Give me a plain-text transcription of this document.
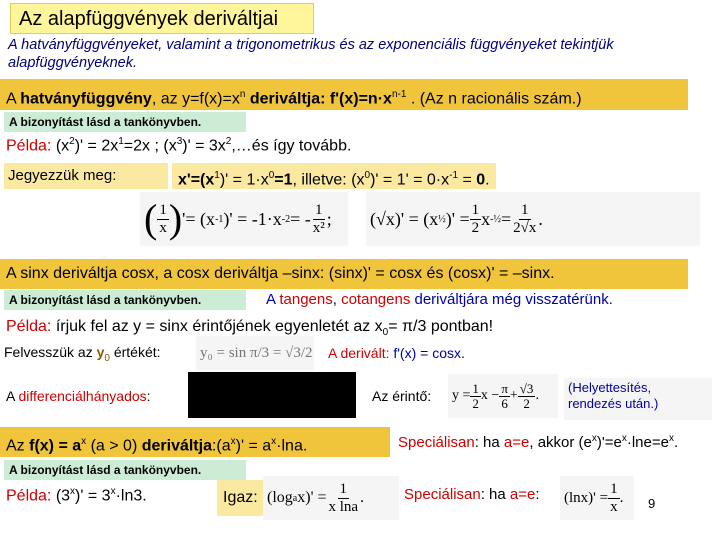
Az alapfüggvények deriváltjai
A hatványfüggvényeket, valamint a trigonometrikus és az exponenciális függvényeket tekintjük alapfüggvényeknek.
A hatványfüggvény, az $y=f(x)=x^n$ deriváltja: $f'(x)=n\cdot x^{n-1}$ . (Az n racionális szám.)
A bizonyítást lásd a tankönyvben.
Példa: $(x^2)' = 2x^1=2x$ ; $(x^3)'$ = $3x^2,\dots és$ így tovább.
Jegyezzük meg:	$x'=(x^1)' = 1\cdot x^0=1$, illetve: $(x^0)' = 1' = 0\cdot x^{-1} = 0$.
( $\frac{1}{x}$ ) ' = (x -1 )' = -1·x -2 = - $\frac{1}{\text{x²}}$ ; (√x)' = (x ½ )' = $\frac{1}{2}$ x -½ = $\frac{1}{2√x}$ .
A sinx deriváltja cosx, a cosx deriváltja –sinx: (sinx)' = cosx és (cosx)' = –sinx.
A bizonyítást lásd a tankönyvben.	A tangens, cotangens deriváltjára még visszatérünk.
Példa: írjuk fel az y = sinx érintőjének egyenletét az $x_0= \pi/3$ pontban!
Felvesszük az $y_0$ értékét:	y₀ = sin π/3 = √3/2 A derivált: f'(x) = cosx.
A differenciálhányados:	Az érintő: $y = \frac{1}{2}$ $x - \frac{\pi}{6} + \frac{√3}{2}$ .
(Helyettesítés, rendezés után.)
Az $f(x) = a^x$ (a > 0) $deriváltja:(a^x)' = a^x\cdot\ln a$.	Speciálisan: ha a=e, akkor $(e^x)'=e^x\cdot\ln e=e^x$.
A bizonyítást lásd a tankönyvben.
Példa: $(3^x)' = 3^x\cdot\ln 3$.	Igaz: (log a $x)' = \frac{1}{\text{x lna}}$ .	Speciálisan: ha a=e: $(\ln x)' = \frac{1}{x}$ . 9
